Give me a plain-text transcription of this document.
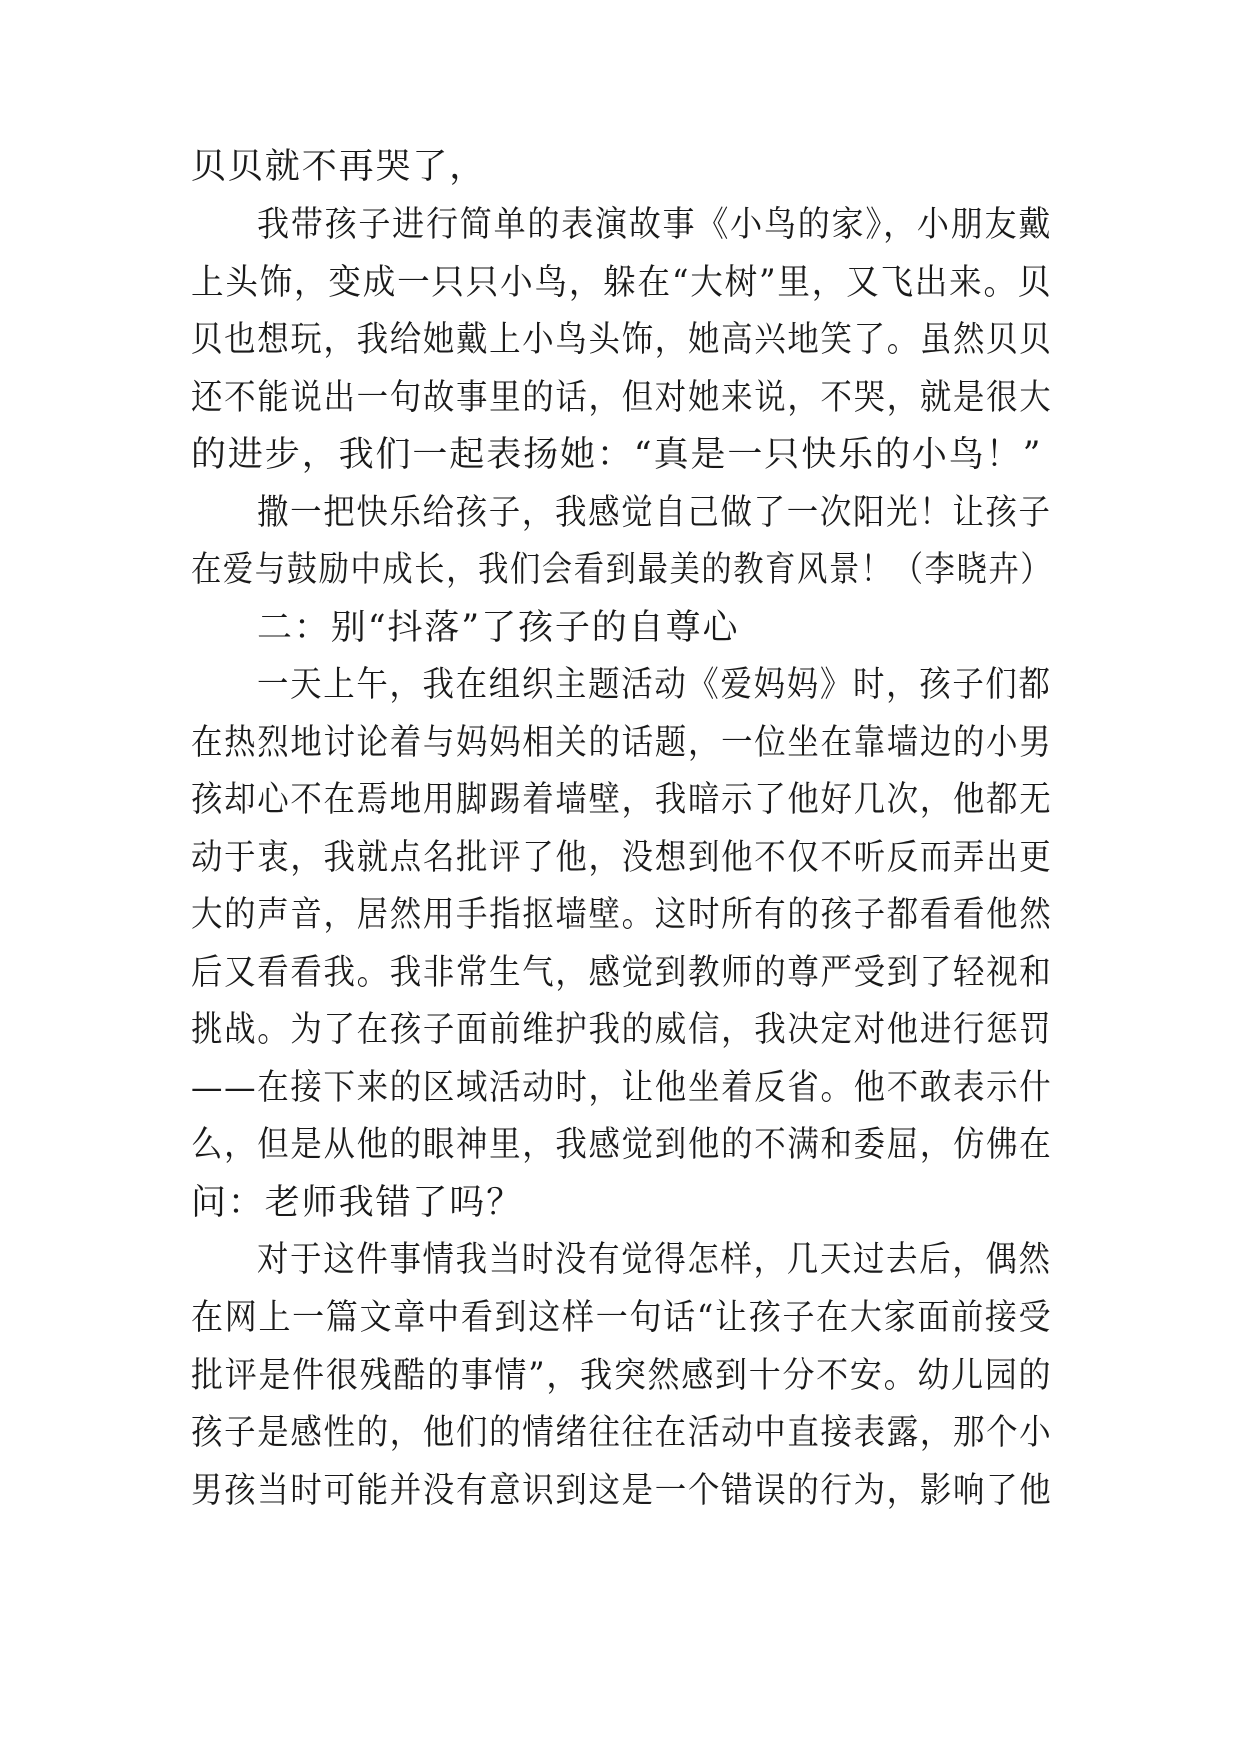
贝贝就不再哭了，

我带孩子进行简单的表演故事《小鸟的家》，小朋友戴

上头饰，变成一只只小鸟，躲在“大树”里，又飞出来。贝

贝也想玩，我给她戴上小鸟头饰，她高兴地笑了。虽然贝贝

还不能说出一句故事里的话，但对她来说，不哭，就是很大

的进步，我们一起表扬她：“真是一只快乐的小鸟！”

撒一把快乐给孩子，我感觉自己做了一次阳光！让孩子

在爱与鼓励中成长，我们会看到最美的教育风景！（李晓卉）

二：别“抖落”了孩子的自尊心

一天上午，我在组织主题活动《爱妈妈》时，孩子们都

在热烈地讨论着与妈妈相关的话题，一位坐在靠墙边的小男

孩却心不在焉地用脚踢着墙壁，我暗示了他好几次，他都无

动于衷，我就点名批评了他，没想到他不仅不听反而弄出更

大的声音，居然用手指抠墙壁。这时所有的孩子都看看他然

后又看看我。我非常生气，感觉到教师的尊严受到了轻视和

挑战。为了在孩子面前维护我的威信，我决定对他进行惩罚

——在接下来的区域活动时，让他坐着反省。他不敢表示什

么，但是从他的眼神里，我感觉到他的不满和委屈，仿佛在

问：老师我错了吗？

对于这件事情我当时没有觉得怎样，几天过去后，偶然

在网上一篇文章中看到这样一句话“让孩子在大家面前接受

批评是件很残酷的事情”，我突然感到十分不安。幼儿园的

孩子是感性的，他们的情绪往往在活动中直接表露，那个小

男孩当时可能并没有意识到这是一个错误的行为，影响了他
